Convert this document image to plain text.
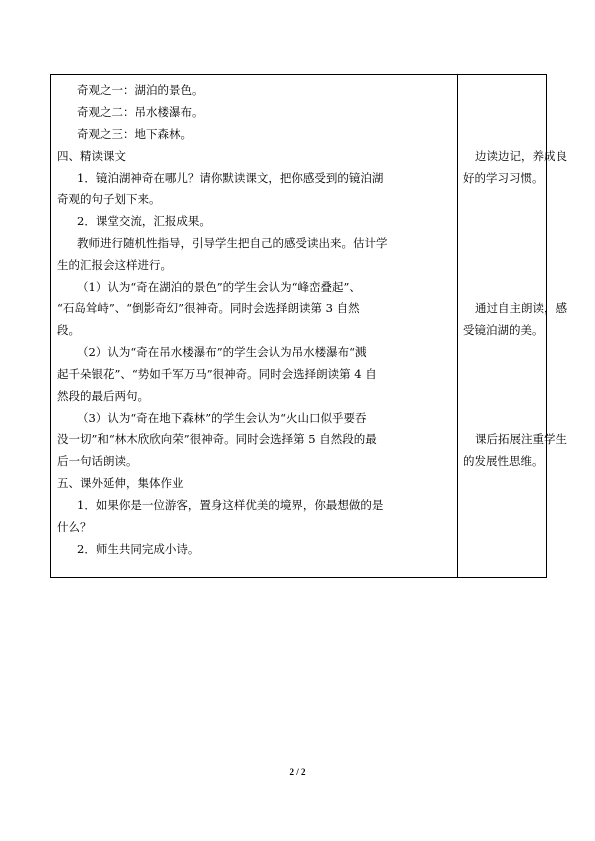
奇观之一：湖泊的景色。
奇观之二：吊水楼瀑布。
奇观之三：地下森林。
四、精读课文
1．镜泊湖神奇在哪儿？请你默读课文，把你感受到的镜泊湖
奇观的句子划下来。
2．课堂交流，汇报成果。
教师进行随机性指导，引导学生把自己的感受读出来。估计学
生的汇报会这样进行。
（1）认为“奇在湖泊的景色”的学生会认为“峰峦叠起”、
“石岛耸峙”、“倒影奇幻”很神奇。同时会选择朗读第 3 自然
段。
（2）认为“奇在吊水楼瀑布”的学生会认为吊水楼瀑布“溅
起千朵银花”、“势如千军万马”很神奇。同时会选择朗读第 4 自
然段的最后两句。
（3）认为“奇在地下森林”的学生会认为“火山口似乎要吞
没一切”和“林木欣欣向荣”很神奇。同时会选择第 5 自然段的最
后一句话朗读。
五、课外延伸，集体作业
1．如果你是一位游客，置身这样优美的境界，你最想做的是
什么？
2．师生共同完成小诗。
边读边记，养成良
好的学习习惯。
通过自主朗读，感
受镜泊湖的美。
课后拓展注重学生
的发展性思维。
2 / 2
